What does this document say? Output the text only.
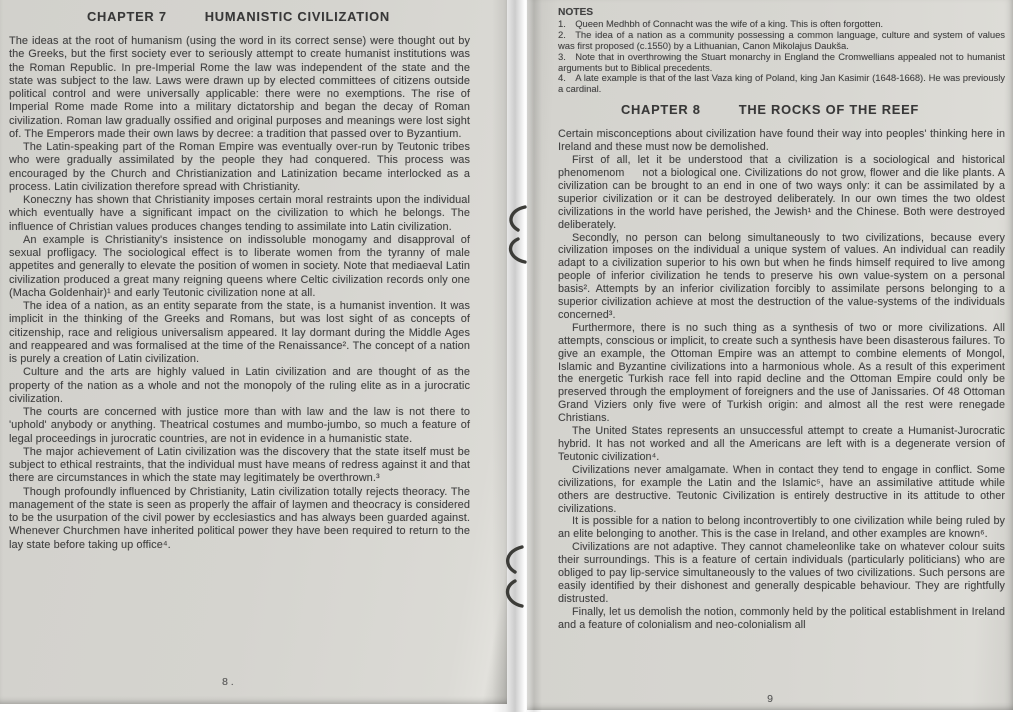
CHAPTER 7	HUMANISTIC CIVILIZATION

The ideas at the root of humanism (using the word in its correct sense) were thought out by the Greeks, but the first society ever to seriously attempt to create humanist institutions was the Roman Republic. In pre-Imperial Rome the law was independent of the state and the state was subject to the law. Laws were drawn up by elected committees of citizens outside political control and were universally applicable: there were no exemptions. The rise of Imperial Rome made Rome into a military dictatorship and began the decay of Roman civilization. Roman law gradually ossified and original purposes and meanings were lost sight of. The Emperors made their own laws by decree: a tradition that passed over to Byzantium.

The Latin-speaking part of the Roman Empire was eventually over-run by Teutonic tribes who were gradually assimilated by the people they had conquered. This process was encouraged by the Church and Christianization and Latinization became interlocked as a process. Latin civilization therefore spread with Christianity.

Koneczny has shown that Christianity imposes certain moral restraints upon the individual which eventually have a significant impact on the civilization to which he belongs. The influence of Christian values produces changes tending to assimilate into Latin civilization.

An example is Christianity's insistence on indissoluble monogamy and disapproval of sexual profligacy. The sociological effect is to liberate women from the tyranny of male appetites and generally to elevate the position of women in society. Note that mediaeval Latin civilization produced a great many reigning queens where Celtic civilization records only one (Macha Goldenhair)¹ and early Teutonic civilization none at all.

The idea of a nation, as an entity separate from the state, is a humanist invention. It was implicit in the thinking of the Greeks and Romans, but was lost sight of as concepts of citizenship, race and religious universalism appeared. It lay dormant during the Middle Ages and reappeared and was formalised at the time of the Renaissance². The concept of a nation is purely a creation of Latin civilization.

Culture and the arts are highly valued in Latin civilization and are thought of as the property of the nation as a whole and not the monopoly of the ruling elite as in a jurocratic civilization.

The courts are concerned with justice more than with law and the law is not there to 'uphold' anybody or anything. Theatrical costumes and mumbo-jumbo, so much a feature of legal proceedings in jurocratic countries, are not in evidence in a humanistic state.

The major achievement of Latin civilization was the discovery that the state itself must be subject to ethical restraints, that the individual must have means of redress against it and that there are circumstances in which the state may legitimately be overthrown.³

Though profoundly influenced by Christianity, Latin civilization totally rejects theoracy. The management of the state is seen as properly the affair of laymen and theocracy is considered to be the usurpation of the civil power by ecclesiastics and has always been guarded against. Whenever Churchmen have inherited political power they have been required to return to the lay state before taking up office⁴.

8 .

NOTES

1.  Queen Medhbh of Connacht was the wife of a king. This is often forgotten.

2.  The idea of a nation as a community possessing a common language, culture and system of values was first proposed (c.1550) by a Lithuanian, Canon Mikolajus Daukša.

3.  Note that in overthrowing the Stuart monarchy in England the Cromwellians appealed not to humanist arguments but to Biblical precedents.

4.  A late example is that of the last Vaza king of Poland, king Jan Kasimir (1648-1668). He was previously a cardinal.

CHAPTER 8	THE ROCKS OF THE REEF

Certain misconceptions about civilization have found their way into peoples' thinking here in Ireland and these must now be demolished.

First of all, let it be understood that a civilization is a sociological and historical phenomenom   not a biological one. Civilizations do not grow, flower and die like plants. A civilization can be brought to an end in one of two ways only: it can be assimilated by a superior civilization or it can be destroyed deliberately. In our own times the two oldest civilizations in the world have perished, the Jewish¹ and the Chinese. Both were destroyed deliberately.

Secondly, no person can belong simultaneously to two civilizations, because every civilization imposes on the individual a unique system of values. An individual can readily adapt to a civilization superior to his own but when he finds himself required to live among people of inferior civilization he tends to preserve his own value-system on a personal basis². Attempts by an inferior civilization forcibly to assimilate persons belonging to a superior civilization achieve at most the destruction of the value-systems of the individuals concerned³.

Furthermore, there is no such thing as a synthesis of two or more civilizations. All attempts, conscious or implicit, to create such a synthesis have been disasterous failures. To give an example, the Ottoman Empire was an attempt to combine elements of Mongol, Islamic and Byzantine civilizations into a harmonious whole. As a result of this experiment the energetic Turkish race fell into rapid decline and the Ottoman Empire could only be preserved through the employment of foreigners and the use of Janissaries. Of 48 Ottoman Grand Viziers only five were of Turkish origin: and almost all the rest were renegade Christians.

The United States represents an unsuccessful attempt to create a Humanist-Jurocratic hybrid. It has not worked and all the Americans are left with is a degenerate version of Teutonic civilization⁴.

Civilizations never amalgamate. When in contact they tend to engage in conflict. Some civilizations, for example the Latin and the Islamic⁵, have an assimilative attitude while others are destructive. Teutonic Civilization is entirely destructive in its attitude to other civilizations.

It is possible for a nation to belong incontrovertibly to one civilization while being ruled by an elite belonging to another. This is the case in Ireland, and other examples are known⁶.

Civilizations are not adaptive. They cannot chameleonlike take on whatever colour suits their surroundings. This is a feature of certain individuals (particularly politicians) who are obliged to pay lip-service simultaneously to the values of two civilizations. Such persons are easily identified by their dishonest and generally despicable behaviour. They are rightfully distrusted.

Finally, let us demolish the notion, commonly held by the political establishment in Ireland and a feature of colonialism and neo-colonialism all

9
